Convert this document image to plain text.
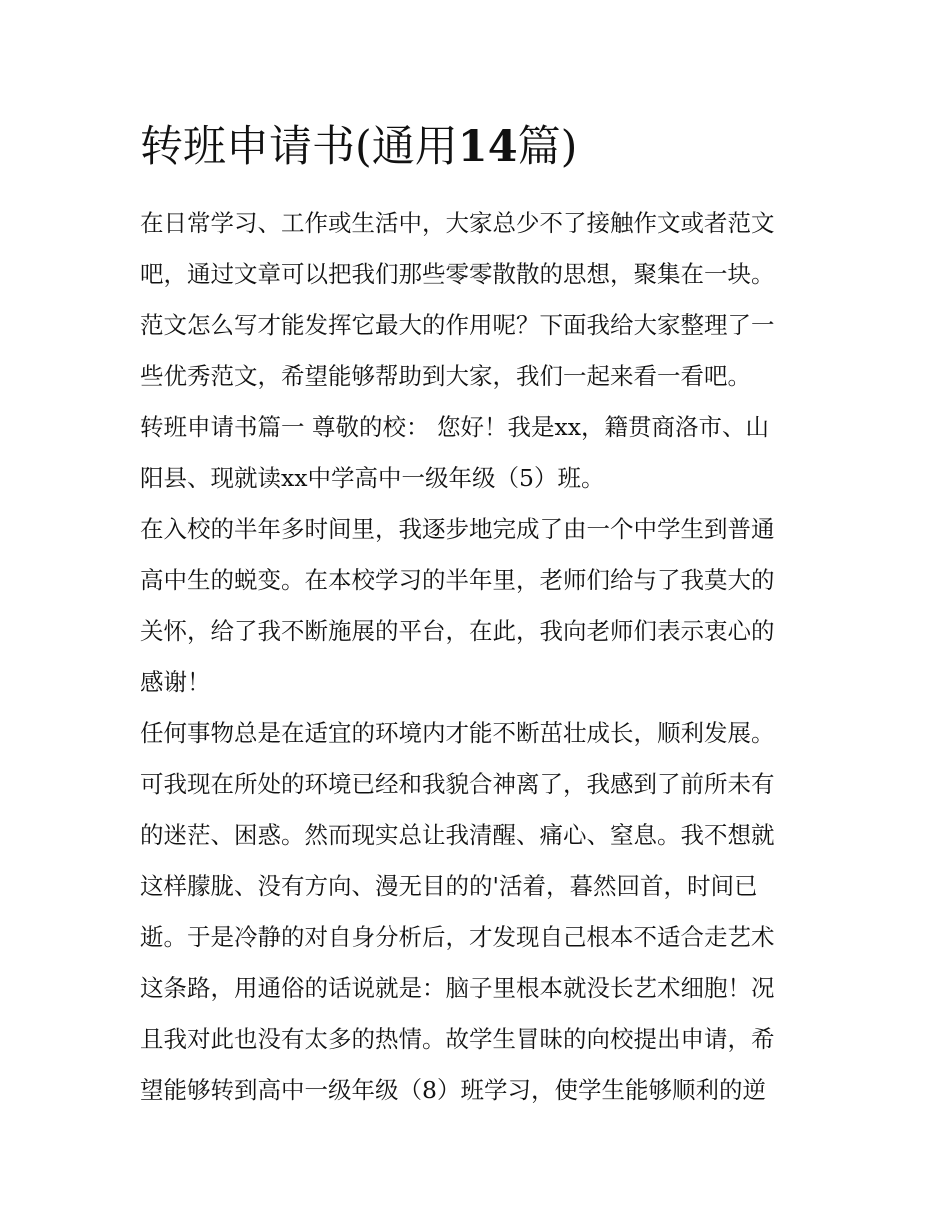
转班申请书(通用14篇)
在日常学习、工作或生活中，大家总少不了接触作文或者范文
吧，通过文章可以把我们那些零零散散的思想，聚集在一块。
范文怎么写才能发挥它最大的作用呢？下面我给大家整理了一
些优秀范文，希望能够帮助到大家，我们一起来看一看吧。
转班申请书篇一 尊敬的校： 您好！我是xx，籍贯商洛市、山
阳县、现就读xx中学高中一级年级（5）班。
在入校的半年多时间里，我逐步地完成了由一个中学生到普通
高中生的蜕变。在本校学习的半年里，老师们给与了我莫大的
关怀，给了我不断施展的平台，在此，我向老师们表示衷心的
感谢！
任何事物总是在适宜的环境内才能不断茁壮成长，顺利发展。
可我现在所处的环境已经和我貌合神离了，我感到了前所未有
的迷茫、困惑。然而现实总让我清醒、痛心、窒息。我不想就
这样朦胧、没有方向、漫无目的的'活着，暮然回首，时间已
逝。于是冷静的对自身分析后，才发现自己根本不适合走艺术
这条路，用通俗的话说就是：脑子里根本就没长艺术细胞！况
且我对此也没有太多的热情。故学生冒昧的向校提出申请，希
望能够转到高中一级年级（8）班学习，使学生能够顺利的逆
